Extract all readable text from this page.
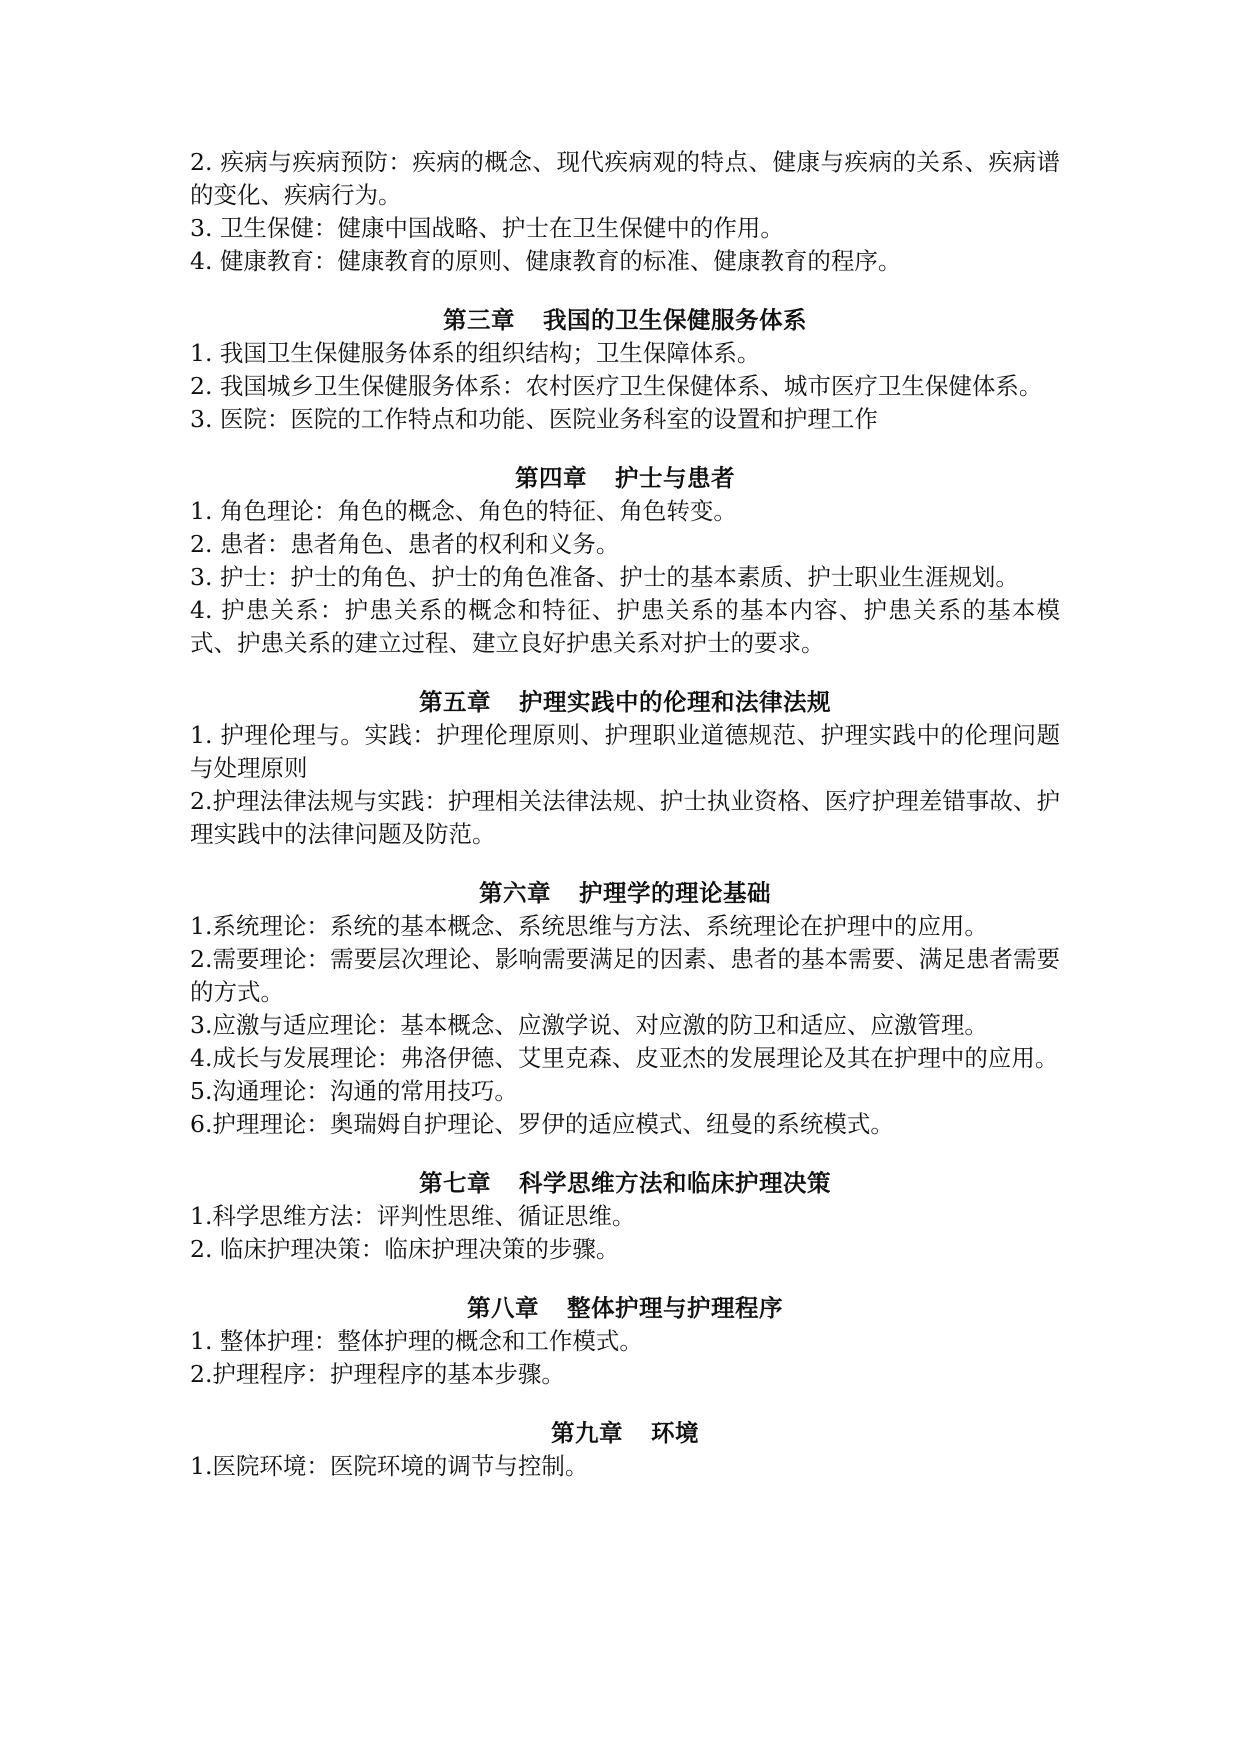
2. 疾病与疾病预防：疾病的概念、现代疾病观的特点、健康与疾病的关系、疾病谱的变化、疾病行为。

3. 卫生保健：健康中国战略、护士在卫生保健中的作用。

4. 健康教育：健康教育的原则、健康教育的标准、健康教育的程序。

第三章 我国的卫生保健服务体系

1. 我国卫生保健服务体系的组织结构；卫生保障体系。

2. 我国城乡卫生保健服务体系：农村医疗卫生保健体系、城市医疗卫生保健体系。

3. 医院：医院的工作特点和功能、医院业务科室的设置和护理工作

第四章 护士与患者

1. 角色理论：角色的概念、角色的特征、角色转变。

2. 患者：患者角色、患者的权利和义务。

3. 护士：护士的角色、护士的角色准备、护士的基本素质、护士职业生涯规划。

4. 护患关系：护患关系的概念和特征、护患关系的基本内容、护患关系的基本模式、护患关系的建立过程、建立良好护患关系对护士的要求。

第五章 护理实践中的伦理和法律法规

1. 护理伦理与。实践：护理伦理原则、护理职业道德规范、护理实践中的伦理问题与处理原则

2.护理法律法规与实践：护理相关法律法规、护士执业资格、医疗护理差错事故、护理实践中的法律问题及防范。

第六章 护理学的理论基础

1.系统理论：系统的基本概念、系统思维与方法、系统理论在护理中的应用。

2.需要理论：需要层次理论、影响需要满足的因素、患者的基本需要、满足患者需要的方式。

3.应激与适应理论：基本概念、应激学说、对应激的防卫和适应、应激管理。

4.成长与发展理论：弗洛伊德、艾里克森、皮亚杰的发展理论及其在护理中的应用。

5.沟通理论：沟通的常用技巧。

6.护理理论：奥瑞姆自护理论、罗伊的适应模式、纽曼的系统模式。

第七章 科学思维方法和临床护理决策

1.科学思维方法：评判性思维、循证思维。

2. 临床护理决策：临床护理决策的步骤。

第八章 整体护理与护理程序

1. 整体护理：整体护理的概念和工作模式。

2.护理程序：护理程序的基本步骤。

第九章 环境

1.医院环境：医院环境的调节与控制。
